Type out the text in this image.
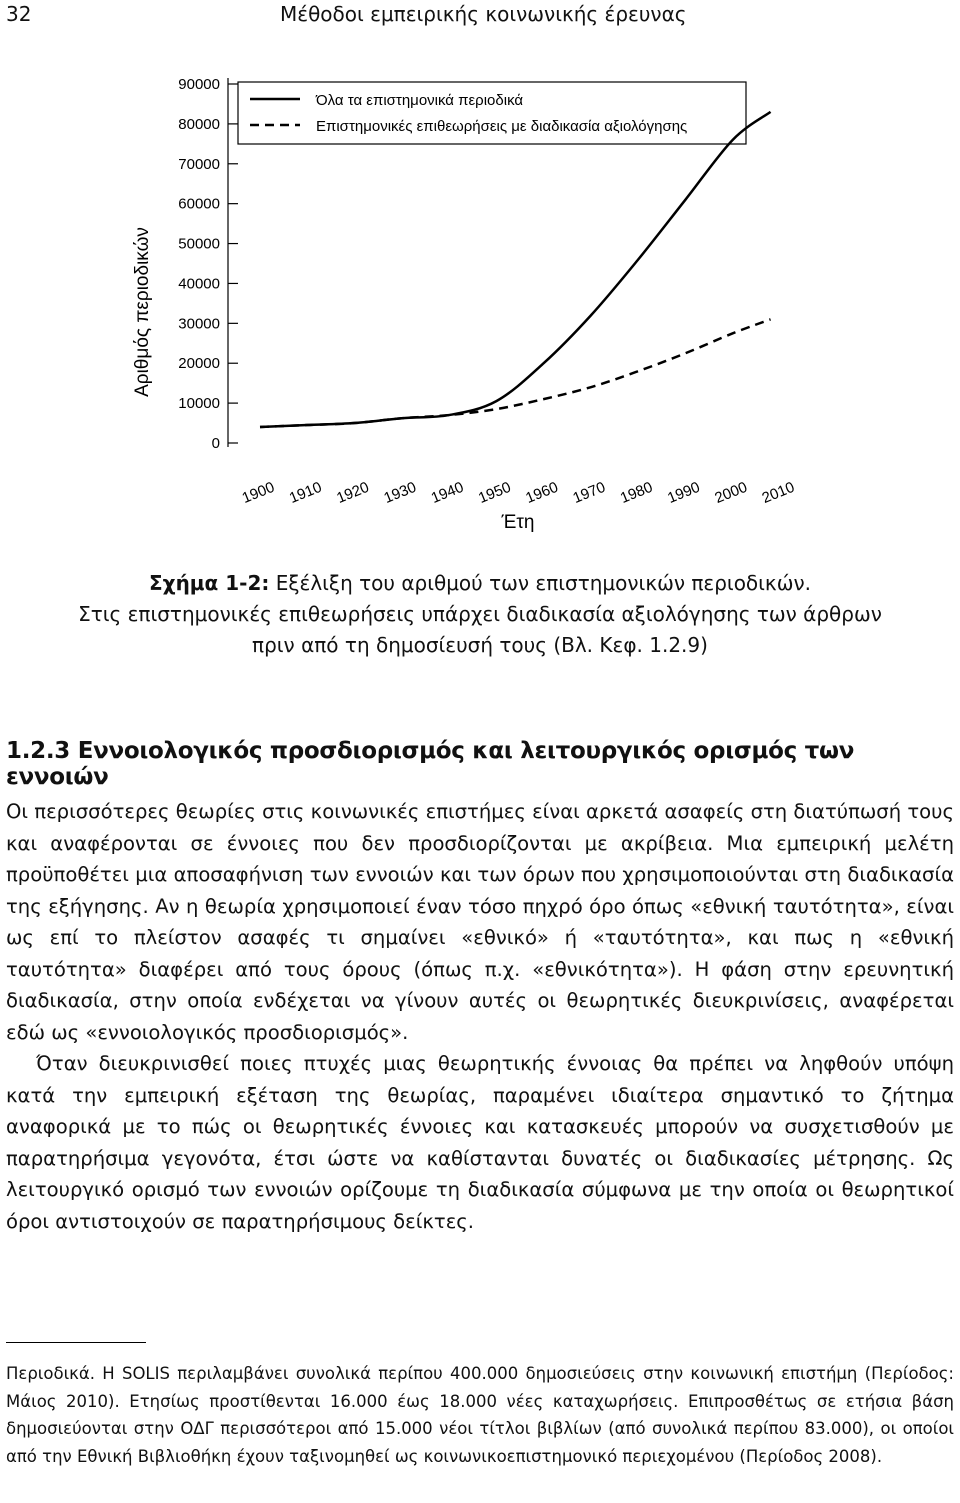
32	Μέθοδοι εμπειρικής κοινωνικής έρευνας
0
10000
20000
30000
40000
50000
60000
70000
80000
90000
1900 1910 1920 1930 1940 1950 1960 1970 1980 1990 2000 2010
Όλα τα επιστημονικά περιοδικά
Επιστημονικές επιθεωρήσεις με διαδικασία αξιολόγησης
Αριθμός περιοδικών
Έτη
Σχήμα 1-2: Εξέλιξη του αριθμού των επιστημονικών περιοδικών.
Στις επιστημονικές επιθεωρήσεις υπάρχει διαδικασία αξιολόγησης των άρθρων
πριν από τη δημοσίευσή τους (Βλ. Κεφ. 1.2.9)
1.2.3 Εννοιολογικός προσδιορισμός και λειτουργικός ορισμός των εννοιών

Οι περισσότερες θεωρίες στις κοινωνικές επιστήμες είναι αρκετά ασαφείς στη διατύπωσή τους και αναφέρονται σε έννοιες που δεν προσδιορίζονται με ακρίβεια. Μια εμπειρική μελέτη προϋποθέτει μια αποσαφήνιση των εννοιών και των όρων που χρησιμοποιούνται στη διαδικασία της εξήγησης. Αν η θεωρία χρησιμοποιεί έναν τόσο πηχρό όρο όπως «εθνική ταυτότητα», είναι ως επί το πλείστον ασαφές τι σημαίνει «εθνικό» ή «ταυτότητα», και πως η «εθνική ταυτότητα» διαφέρει από τους όρους (όπως π.χ. «εθνικότητα»). Η φάση στην ερευνητική διαδικασία, στην οποία ενδέχεται να γίνουν αυτές οι θεωρητικές διευκρινίσεις, αναφέρεται εδώ ως «εννοιολογικός προσδιορισμός».

Όταν διευκρινισθεί ποιες πτυχές μιας θεωρητικής έννοιας θα πρέπει να ληφθούν υπόψη κατά την εμπειρική εξέταση της θεωρίας, παραμένει ιδιαίτερα σημαντικό το ζήτημα αναφορικά με το πώς οι θεωρητικές έννοιες και κατασκευές μπορούν να συσχετισθούν με παρατηρήσιμα γεγονότα, έτσι ώστε να καθίστανται δυνατές οι διαδικασίες μέτρησης. Ως λειτουργικό ορισμό των εννοιών ορίζουμε τη διαδικασία σύμφωνα με την οποία οι θεωρητικοί όροι αντιστοιχούν σε παρατηρήσιμους δείκτες.

Περιοδικά. Η SOLIS περιλαμβάνει συνολικά περίπου 400.000 δημοσιεύσεις στην κοινωνική επιστήμη (Περίοδος: Μάιος 2010). Ετησίως προστίθενται 16.000 έως 18.000 νέες καταχωρήσεις. Επιπροσθέτως σε ετήσια βάση δημοσιεύονται στην ΟΔΓ περισσότεροι από 15.000 νέοι τίτλοι βιβλίων (από συνολικά περίπου 83.000), οι οποίοι από την Εθνική Βιβλιοθήκη έχουν ταξινομηθεί ως κοινωνικοεπιστημονικό περιεχομένου (Περίοδος 2008).
